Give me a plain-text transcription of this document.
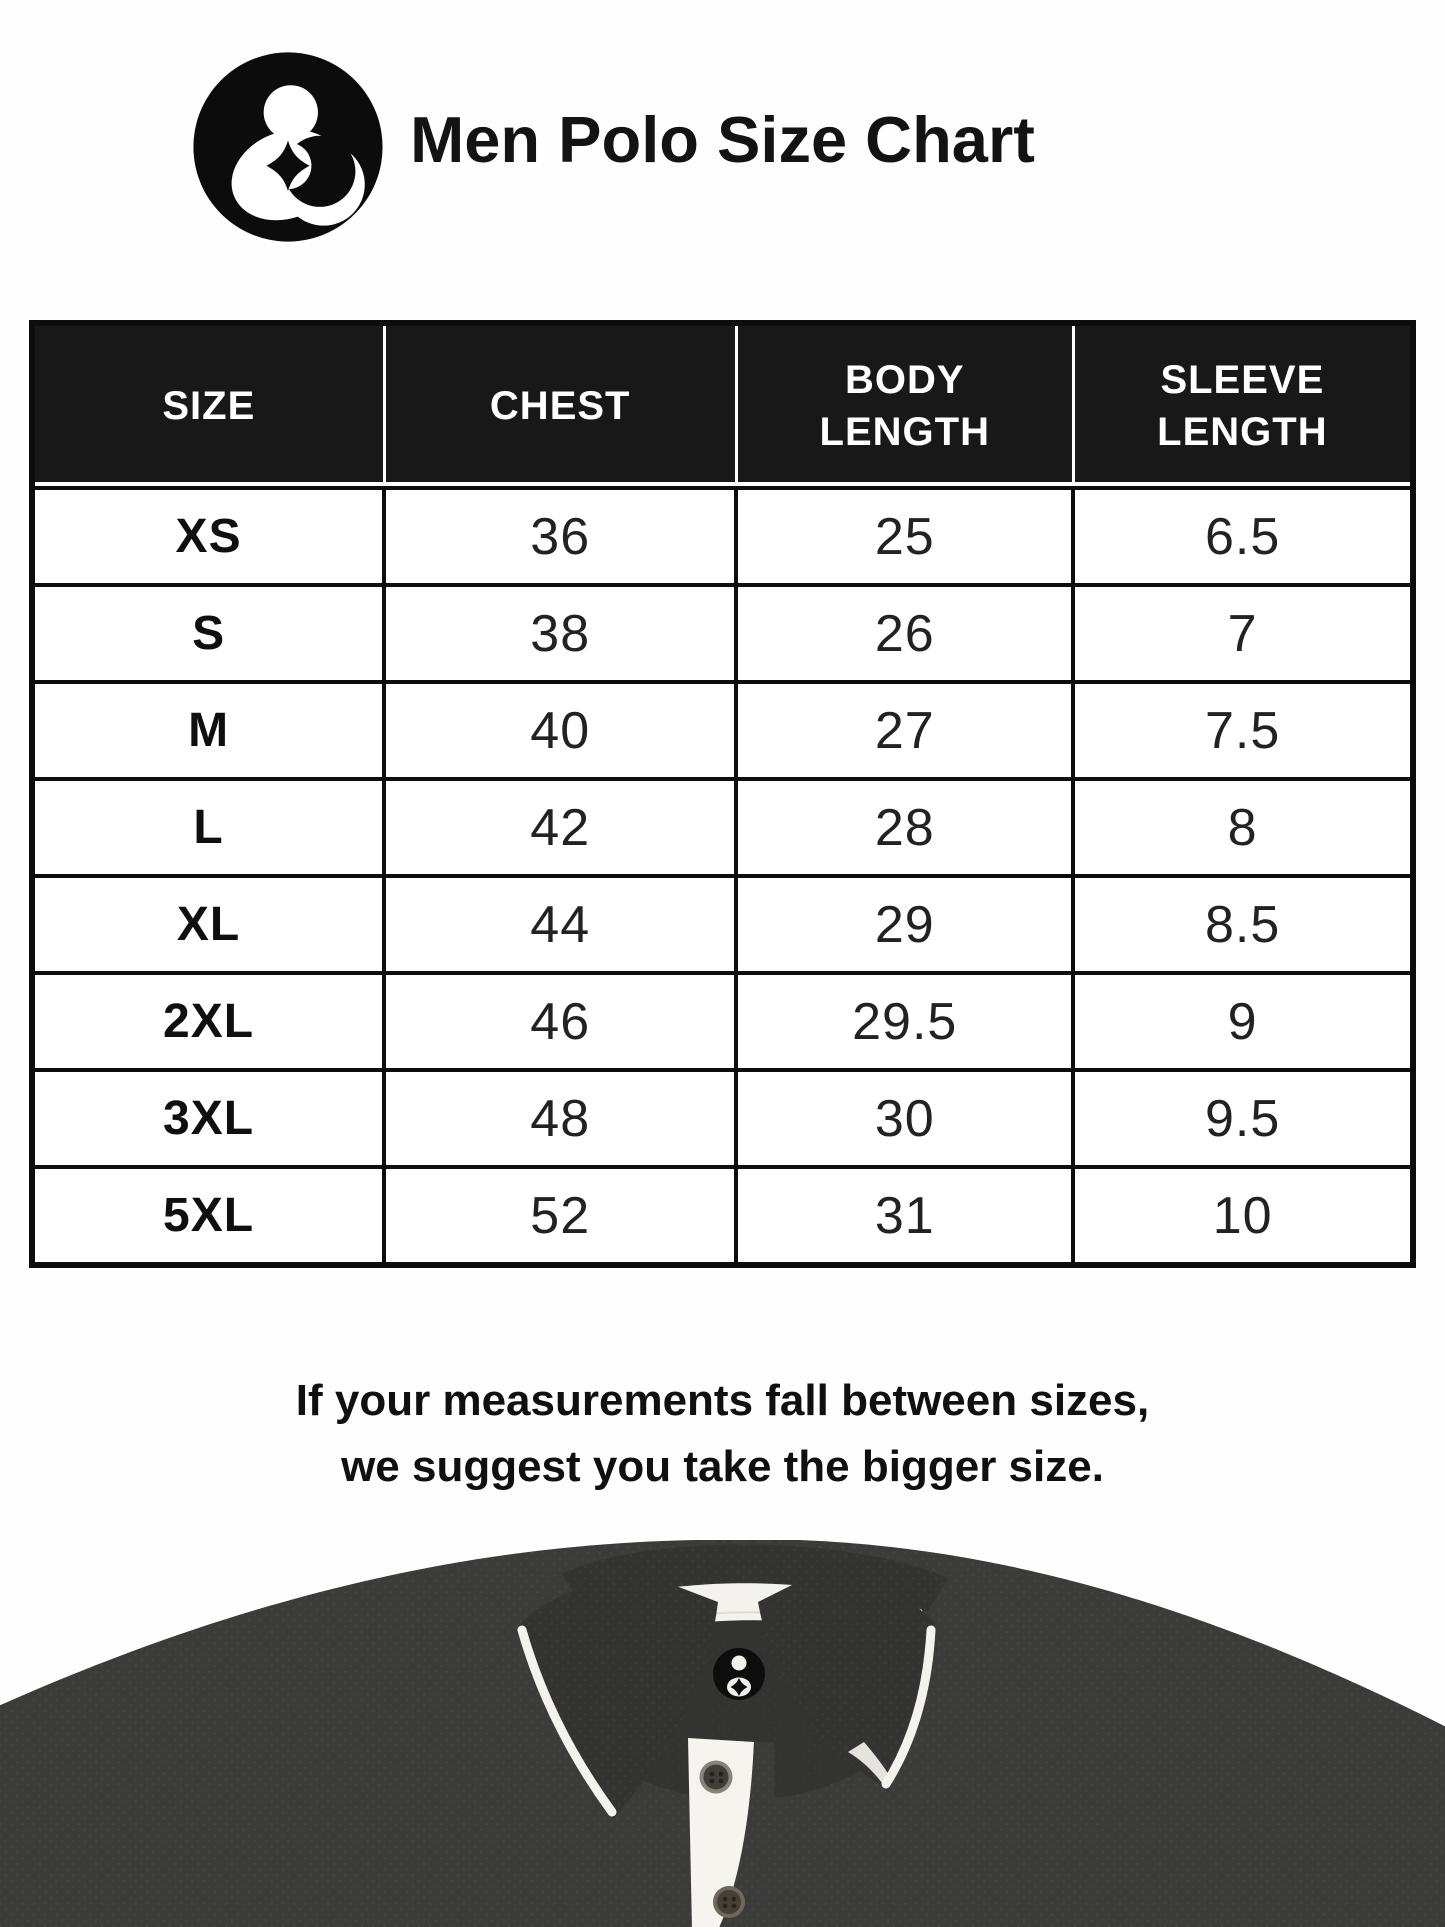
Men Polo Size Chart
SIZE	CHEST	BODY LENGTH	SLEEVE LENGTH
XS	36	25	6.5
S	38	26	7
M	40	27	7.5
L	42	28	8
XL	44	29	8.5
2XL	46	29.5	9
3XL	48	30	9.5
5XL	52	31	10

If your measurements fall between sizes,
we suggest you take the bigger size.
